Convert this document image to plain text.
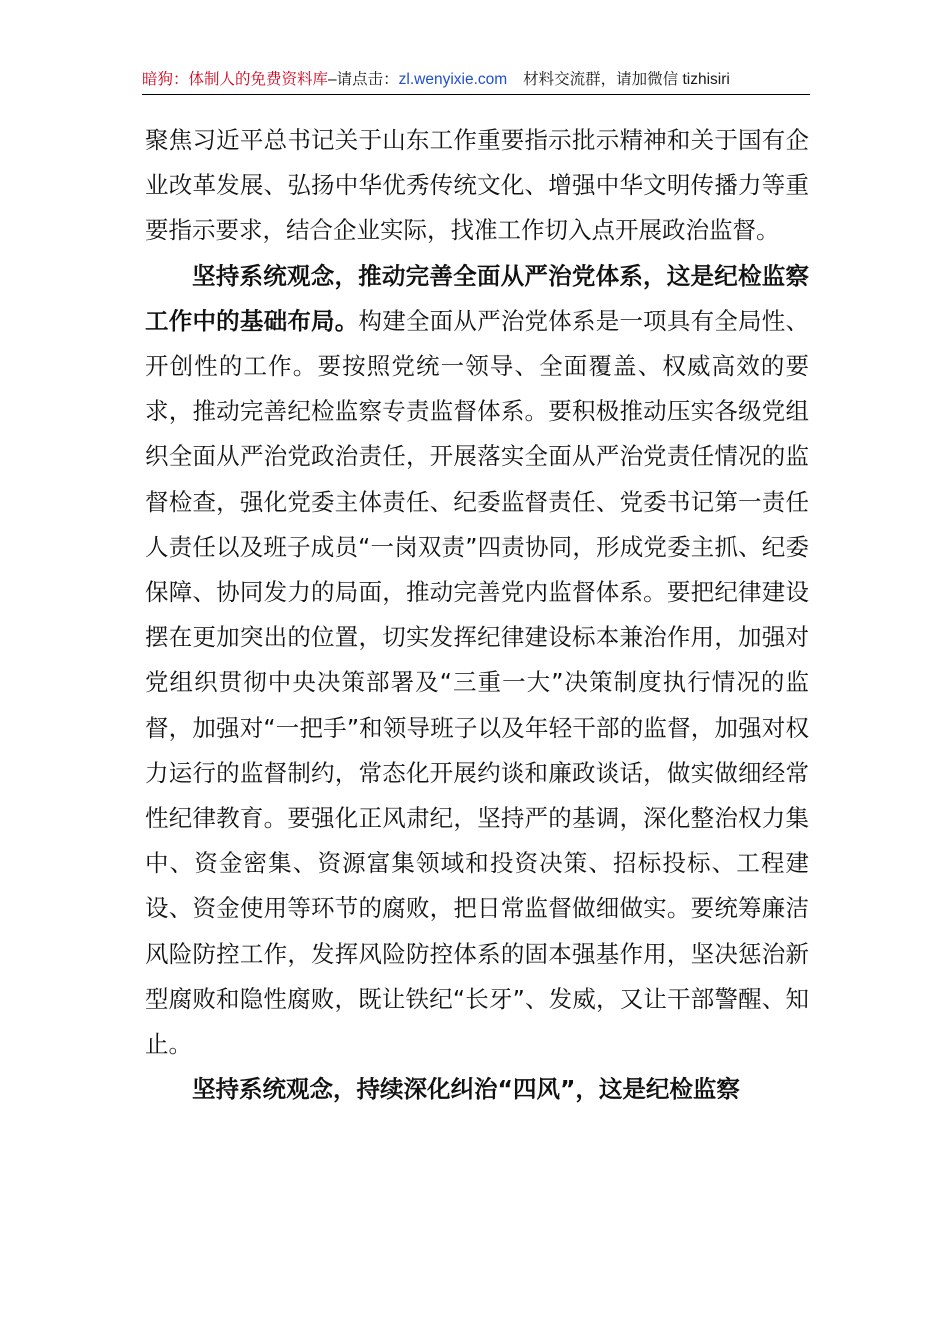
暗狗：体制人的免费资料库–请点击：zl.wenyixie.com 材料交流群，请加微信 tizhisiri

聚焦习近平总书记关于山东工作重要指示批示精神和关于国有企业改革发展、弘扬中华优秀传统文化、增强中华文明传播力等重要指示要求，结合企业实际，找准工作切入点开展政治监督。

坚持系统观念，推动完善全面从严治党体系，这是纪检监察工作中的基础布局。构建全面从严治党体系是一项具有全局性、开创性的工作。要按照党统一领导、全面覆盖、权威高效的要求，推动完善纪检监察专责监督体系。要积极推动压实各级党组织全面从严治党政治责任，开展落实全面从严治党责任情况的监督检查，强化党委主体责任、纪委监督责任、党委书记第一责任人责任以及班子成员“一岗双责”四责协同，形成党委主抓、纪委保障、协同发力的局面，推动完善党内监督体系。要把纪律建设摆在更加突出的位置，切实发挥纪律建设标本兼治作用，加强对党组织贯彻中央决策部署及“三重一大”决策制度执行情况的监督，加强对“一把手”和领导班子以及年轻干部的监督，加强对权力运行的监督制约，常态化开展约谈和廉政谈话，做实做细经常性纪律教育。要强化正风肃纪，坚持严的基调，深化整治权力集中、资金密集、资源富集领域和投资决策、招标投标、工程建设、资金使用等环节的腐败，把日常监督做细做实。要统筹廉洁风险防控工作，发挥风险防控体系的固本强基作用，坚决惩治新型腐败和隐性腐败，既让铁纪“长牙”、发威，又让干部警醒、知止。

坚持系统观念，持续深化纠治“四风”，这是纪检监察
